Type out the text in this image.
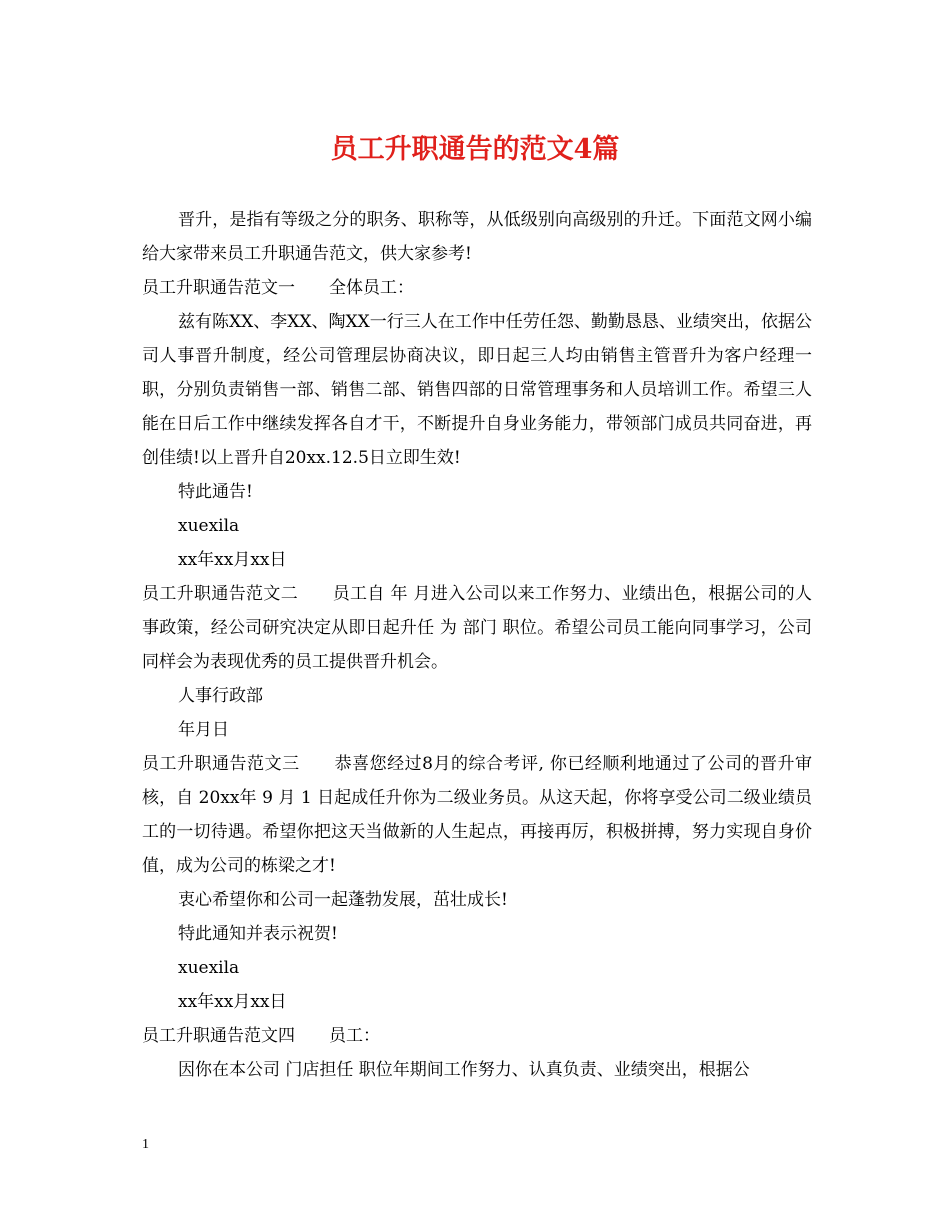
员工升职通告的范文4篇

晋升，是指有等级之分的职务、职称等，从低级别向高级别的升迁。下面范文网小编给大家带来员工升职通告范文，供大家参考!

员工升职通告范文一　　全体员工：

兹有陈XX、李XX、陶XX一行三人在工作中任劳任怨、勤勤恳恳、业绩突出，依据公司人事晋升制度，经公司管理层协商决议，即日起三人均由销售主管晋升为客户经理一职，分别负责销售一部、销售二部、销售四部的日常管理事务和人员培训工作。希望三人能在日后工作中继续发挥各自才干，不断提升自身业务能力，带领部门成员共同奋进，再创佳绩!以上晋升自20xx.12.5日立即生效!

特此通告!

xuexila

xx年xx月xx日

员工升职通告范文二　　员工自 年 月进入公司以来工作努力、业绩出色，根据公司的人事政策，经公司研究决定从即日起升任 为 部门 职位。希望公司员工能向同事学习，公司同样会为表现优秀的员工提供晋升机会。

人事行政部

年月日

员工升职通告范文三　　恭喜您经过8月的综合考评, 你已经顺利地通过了公司的晋升审核，自 20xx年 9 月 1 日起成任升你为二级业务员。从这天起，你将享受公司二级业绩员工的一切待遇。希望你把这天当做新的人生起点，再接再厉，积极拼搏，努力实现自身价值，成为公司的栋梁之才!

衷心希望你和公司一起蓬勃发展，茁壮成长!

特此通知并表示祝贺!

xuexila

xx年xx月xx日

员工升职通告范文四　　员工：

因你在本公司 门店担任 职位年期间工作努力、认真负责、业绩突出，根据公

1
